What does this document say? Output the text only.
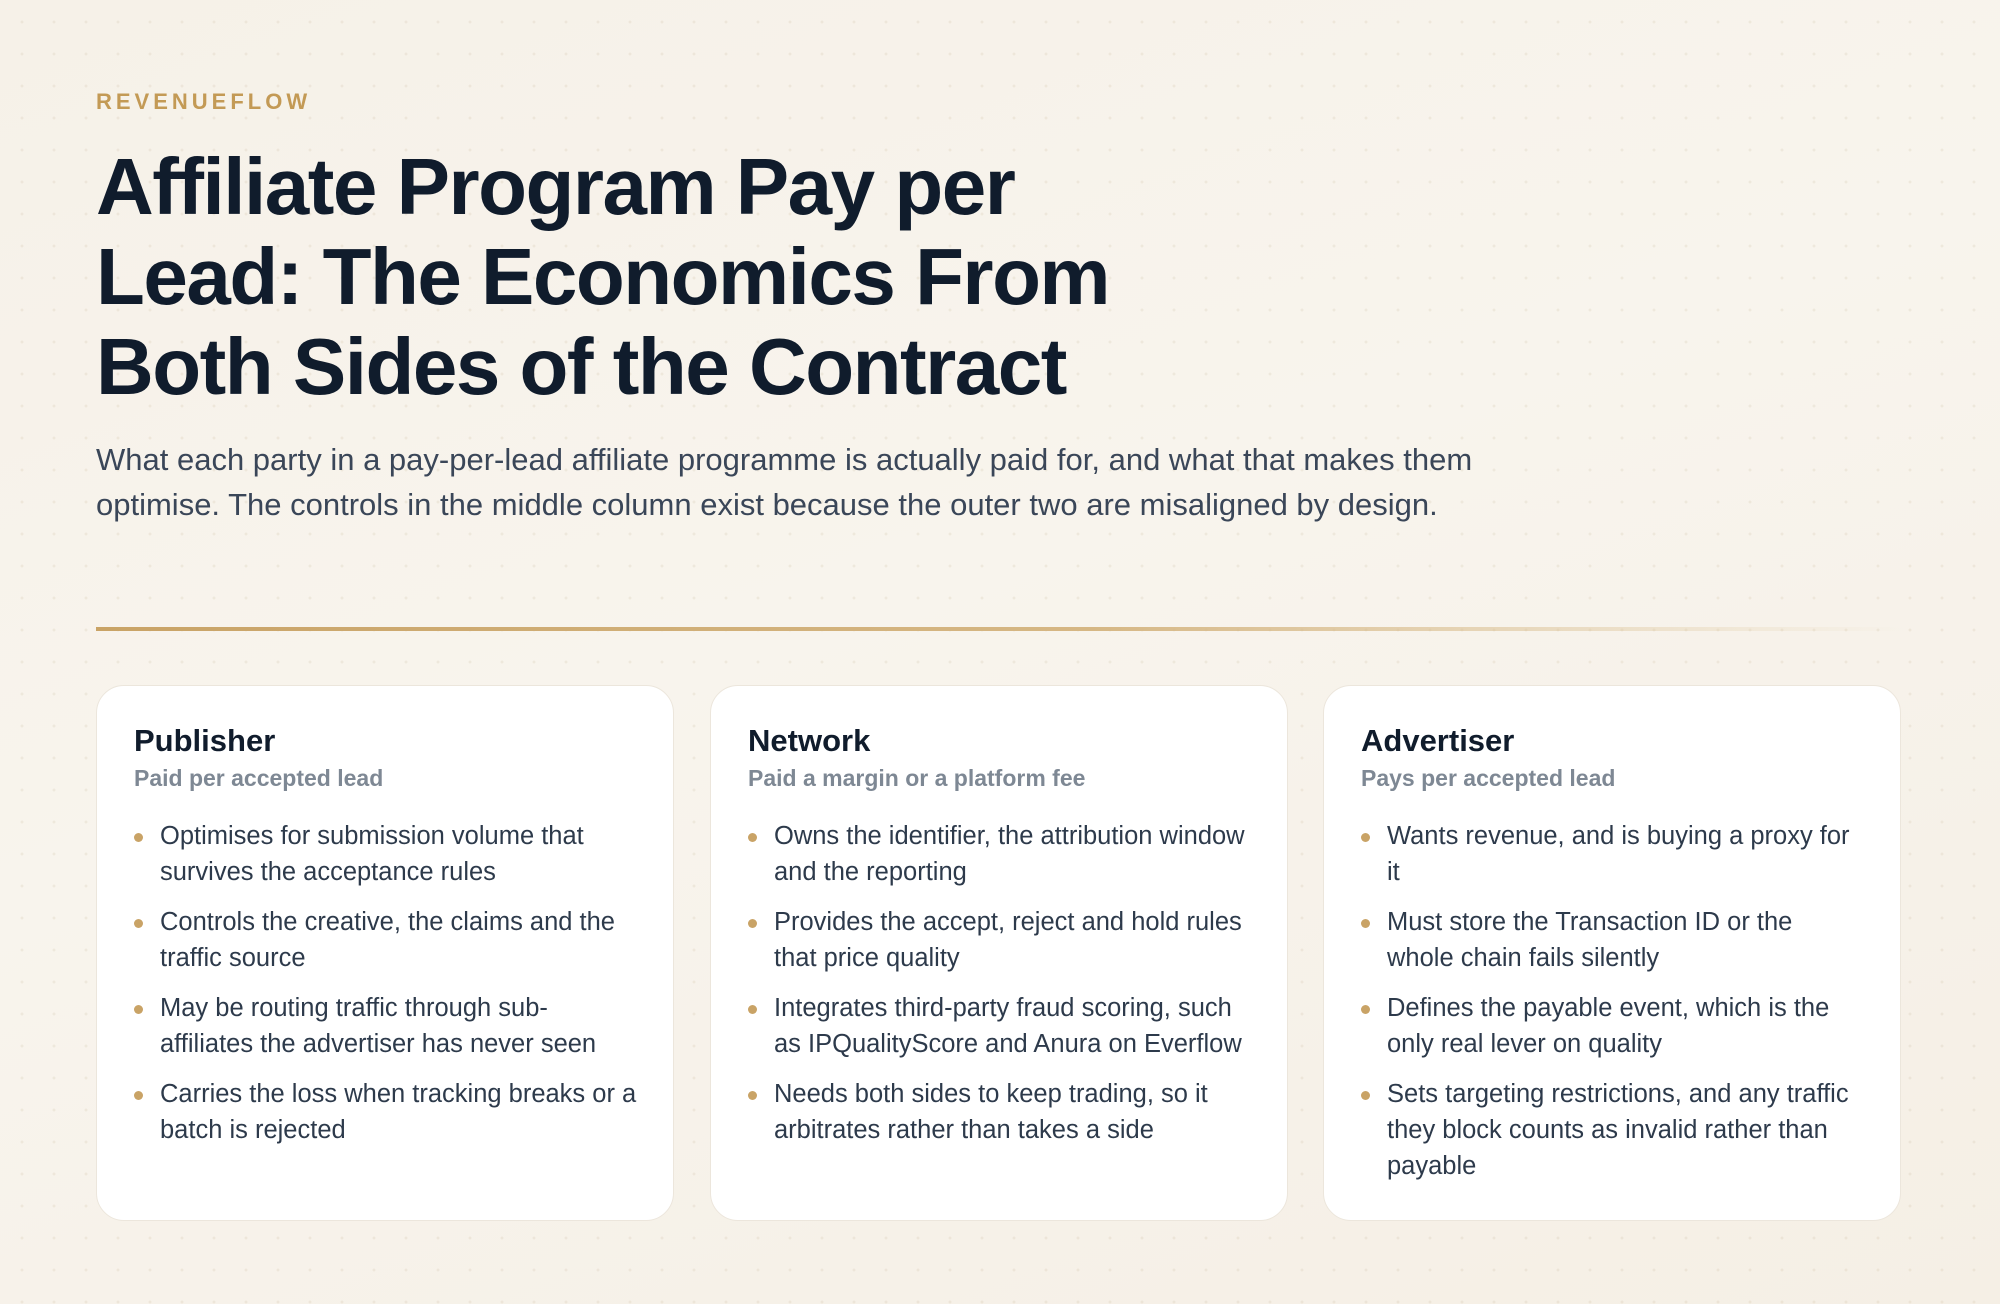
REVENUEFLOW
Affiliate Program Pay per Lead: The Economics From Both Sides of the Contract

What each party in a pay-per-lead affiliate programme is actually paid for, and what that makes them optimise. The controls in the middle column exist because the outer two are misaligned by design.

Publisher
Paid per accepted lead
Optimises for submission volume that survives the acceptance rules
Controls the creative, the claims and the traffic source
May be routing traffic through sub-affiliates the advertiser has never seen
Carries the loss when tracking breaks or a batch is rejected
Network
Paid a margin or a platform fee
Owns the identifier, the attribution window and the reporting
Provides the accept, reject and hold rules that price quality
Integrates third-party fraud scoring, such as IPQualityScore and Anura on Everflow
Needs both sides to keep trading, so it arbitrates rather than takes a side
Advertiser
Pays per accepted lead
Wants revenue, and is buying a proxy for it
Must store the Transaction ID or the whole chain fails silently
Defines the payable event, which is the only real lever on quality
Sets targeting restrictions, and any traffic they block counts as invalid rather than payable
